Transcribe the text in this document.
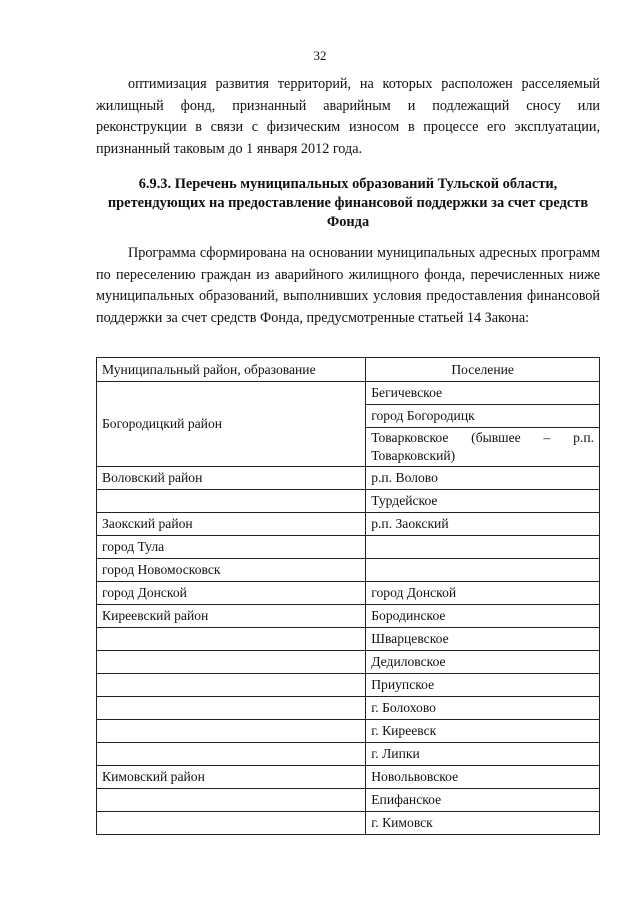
32
оптимизация развития территорий, на которых расположен расселяемый жилищный фонд, признанный аварийным и подлежащий сносу или реконструкции в связи с физическим износом в процессе его эксплуатации, признанный таковым до 1 января 2012 года.
6.9.3. Перечень муниципальных образований Тульской области, претендующих на предоставление финансовой поддержки за счет средств Фонда

Программа сформирована на основании муниципальных адресных программ по переселению граждан из аварийного жилищного фонда, перечисленных ниже муниципальных образований, выполнивших условия предоставления финансовой поддержки за счет средств Фонда, предусмотренные статьей 14 Закона:

Муниципальный район, образование	Поселение
Богородицкий район	Бегичевское
	город Богородицк
	Товарковское (бывшее – р.п. Товарковский)
Воловский район	р.п. Волово
	Турдейское
Заокский район	р.п. Заокский
город Тула	
город Новомосковск	
город Донской	город Донской
Киреевский район	Бородинское
	Шварцевское
	Дедиловское
	Приупское
	г. Болохово
	г. Киреевск
	г. Липки
Кимовский район	Новольвовское
	Епифанское
	г. Кимовск
